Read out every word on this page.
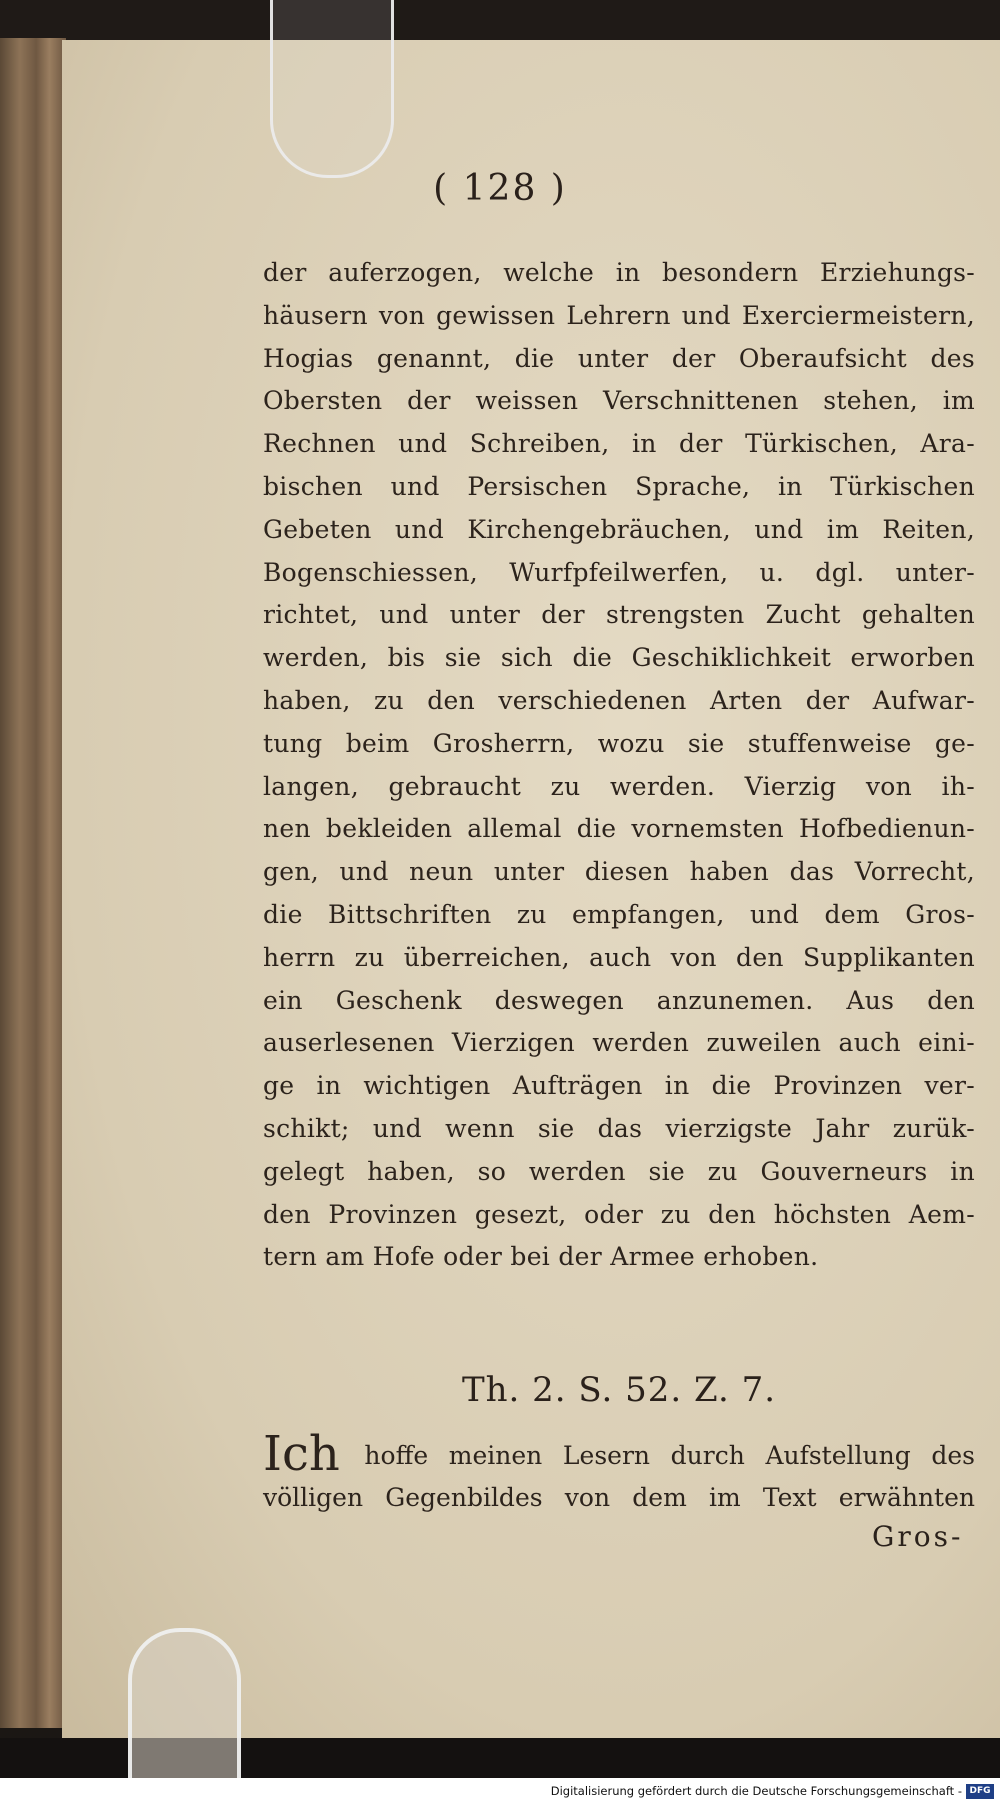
( 128 )
der auferzogen, welche in besondern Erziehungs-
häusern von gewissen Lehrern und Exerciermeistern,
Hogias genannt, die unter der Oberaufsicht des
Obersten der weissen Verschnittenen stehen, im
Rechnen und Schreiben, in der Türkischen, Ara-
bischen und Persischen Sprache, in Türkischen
Gebeten und Kirchengebräuchen, und im Reiten,
Bogenschiessen, Wurfpfeilwerfen, u. dgl. unter-
richtet, und unter der strengsten Zucht gehalten
werden, bis sie sich die Geschiklichkeit erworben
haben, zu den verschiedenen Arten der Aufwar-
tung beim Grosherrn, wozu sie stuffenweise ge-
langen, gebraucht zu werden. Vierzig von ih-
nen bekleiden allemal die vornemsten Hofbedienun-
gen, und neun unter diesen haben das Vorrecht,
die Bittschriften zu empfangen, und dem Gros-
herrn zu überreichen, auch von den Supplikanten
ein Geschenk deswegen anzunemen. Aus den
auserlesenen Vierzigen werden zuweilen auch eini-
ge in wichtigen Aufträgen in die Provinzen ver-
schikt; und wenn sie das vierzigste Jahr zurük-
gelegt haben, so werden sie zu Gouverneurs in
den Provinzen gesezt, oder zu den höchsten Aem-
tern am Hofe oder bei der Armee erhoben.
Th. 2. S. 52. Z. 7.
Ich hoffe meinen Lesern durch Aufstellung des
völligen Gegenbildes von dem im Text erwähnten
Gros-
Digitalisierung gefördert durch die Deutsche Forschungsgemeinschaft - DFG
